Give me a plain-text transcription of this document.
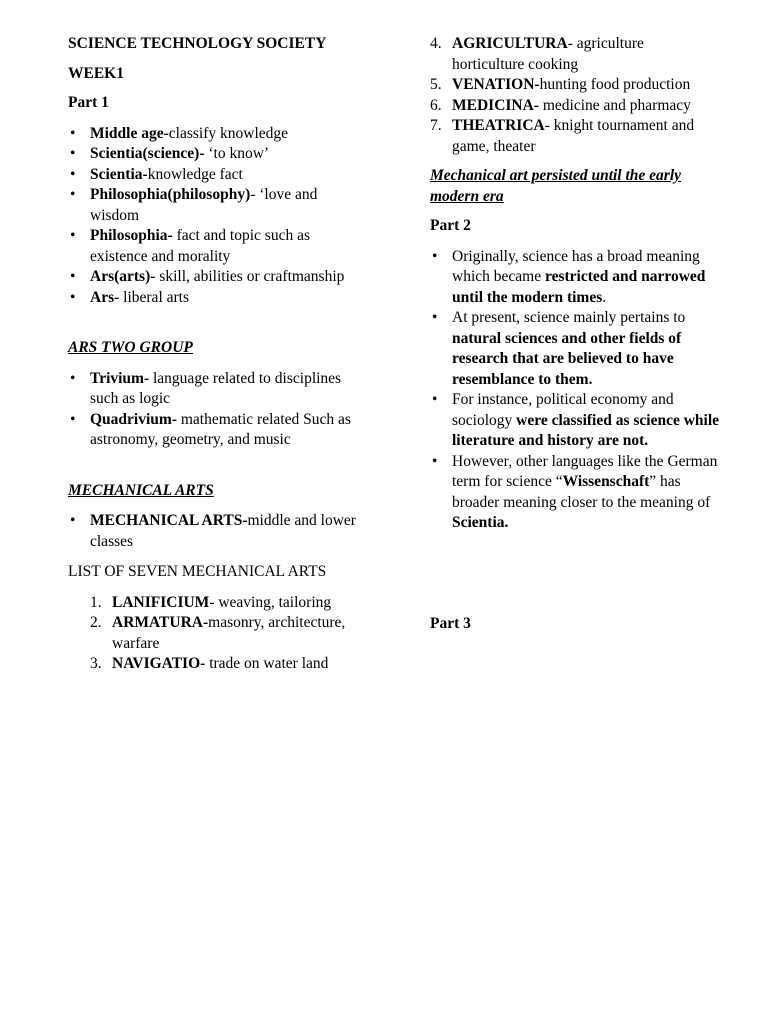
SCIENCE TECHNOLOGY SOCIETY

WEEK1

Part 1

• Middle age-classify knowledge
• Scientia(science)- ‘to know’
• Scientia-knowledge fact
• Philosophia(philosophy)- ‘love and wisdom
• Philosophia- fact and topic such as existence and morality
• Ars(arts)- skill, abilities or craftmanship
• Ars- liberal arts

ARS TWO GROUP

• Trivium- language related to disciplines such as logic
• Quadrivium- mathematic related Such as astronomy, geometry, and music

MECHANICAL ARTS

• MECHANICAL ARTS-middle and lower classes

LIST OF SEVEN MECHANICAL ARTS

1. LANIFICIUM- weaving, tailoring
2. ARMATURA-masonry, architecture, warfare
3. NAVIGATIO- trade on water land
4. AGRICULTURA- agriculture horticulture cooking
5. VENATION-hunting food production
6. MEDICINA- medicine and pharmacy
7. THEATRICA- knight tournament and game, theater

Mechanical art persisted until the early modern era

Part 2

• Originally, science has a broad meaning which became restricted and narrowed until the modern times.
• At present, science mainly pertains to natural sciences and other fields of research that are believed to have resemblance to them.
• For instance, political economy and sociology were classified as science while literature and history are not.
• However, other languages like the German term for science “Wissenschaft” has broader meaning closer to the meaning of Scientia.

Part 3
